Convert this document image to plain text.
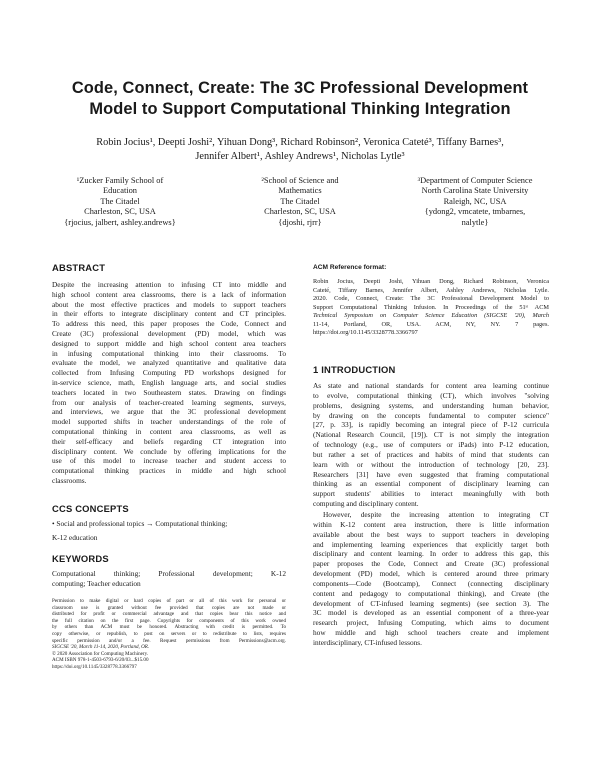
Code, Connect, Create: The 3C Professional Development
Model to Support Computational Thinking Integration
Robin Jocius¹, Deepti Joshi², Yihuan Dong³, Richard Robinson², Veronica Cateté³, Tiffany Barnes³,
Jennifer Albert¹, Ashley Andrews¹, Nicholas Lytle³
¹Zucker Family School of
Education
The Citadel
Charleston, SC, USA
{rjocius, jalbert, ashley.andrews}
²School of Science and
Mathematics
The Citadel
Charleston, SC, USA
{djoshi, rjrr}
³Department of Computer Science
North Carolina State University
Raleigh, NC, USA
{ydong2, vmcatete, tmbarnes,
nalytle}
ABSTRACT
Despite the increasing attention to infusing CT into middle and
high school content area classrooms, there is a lack of information
about the most effective practices and models to support teachers
in their efforts to integrate disciplinary content and CT principles.
To address this need, this paper proposes the Code, Connect and
Create (3C) professional development (PD) model, which was
designed to support middle and high school content area teachers
in infusing computational thinking into their classrooms. To
evaluate the model, we analyzed quantitative and qualitative data
collected from Infusing Computing PD workshops designed for
in-service science, math, English language arts, and social studies
teachers located in two Southeastern states. Drawing on findings
from our analysis of teacher-created learning segments, surveys,
and interviews, we argue that the 3C professional development
model supported shifts in teacher understandings of the role of
computational thinking in content area classrooms, as well as
their self-efficacy and beliefs regarding CT integration into
disciplinary content. We conclude by offering implications for the
use of this model to increase teacher and student access to
computational thinking practices in middle and high school
classrooms.
CCS CONCEPTS
• Social and professional topics → Computational thinking;
K-12 education
KEYWORDS
Computational thinking; Professional development; K-12
computing; Teacher education
Permission to make digital or hard copies of part or all of this work for personal or
classroom use is granted without fee provided that copies are not made or
distributed for profit or commercial advantage and that copies bear this notice and
the full citation on the first page. Copyrights for components of this work owned
by others than ACM must be honored. Abstracting with credit is permitted. To
copy otherwise, or republish, to post on servers or to redistribute to lists, requires
specific permission and/or a fee. Request permissions from Permissions@acm.org.
SIGCSE '20, March 11-14, 2020, Portland, OR.
© 2020 Association for Computing Machinery.
ACM ISBN 978-1-4503-6793-6/20/03...$15.00
https://doi.org/10.1145/3328778.3366797
ACM Reference format:
Robin Jocius, Deepti Joshi, Yihuan Dong, Richard Robinson, Veronica
Cateté, Tiffany Barnes, Jennifer Albert, Ashley Andrews, Nicholas Lytle.
2020. Code, Connect, Create: The 3C Professional Development Model to
Support Computational Thinking Infusion. In Proceedings of the 51ˢᵗ ACM
Technical Symposium on Computer Science Education (SIGCSE '20), March
11-14, Portland, OR, USA. ACM, NY, NY. 7 pages.
https://doi.org/10.1145/3328778.3366797
1 INTRODUCTION
As state and national standards for content area learning continue
to evolve, computational thinking (CT), which involves "solving
problems, designing systems, and understanding human behavior,
by drawing on the concepts fundamental to computer science"
[27, p. 33], is rapidly becoming an integral piece of P-12 curricula
(National Research Council, [19]). CT is not simply the integration
of technology (e.g., use of computers or iPads) into P-12 education,
but rather a set of practices and habits of mind that students can
learn with or without the introduction of technology [20, 23].
Researchers [31] have even suggested that framing computational
thinking as an essential component of disciplinary learning can
support students' abilities to interact meaningfully with both
computing and disciplinary content.
However, despite the increasing attention to integrating CT
within K-12 content area instruction, there is little information
available about the best ways to support teachers in developing
and implementing learning experiences that explicitly target both
disciplinary and content learning. In order to address this gap, this
paper proposes the Code, Connect and Create (3C) professional
development (PD) model, which is centered around three primary
components—Code (Bootcamp), Connect (connecting disciplinary
content and pedagogy to computational thinking), and Create (the
development of CT-infused learning segments) (see section 3). The
3C model is developed as an essential component of a three-year
research project, Infusing Computing, which aims to document
how middle and high school teachers create and implement
interdisciplinary, CT-infused lessons.
